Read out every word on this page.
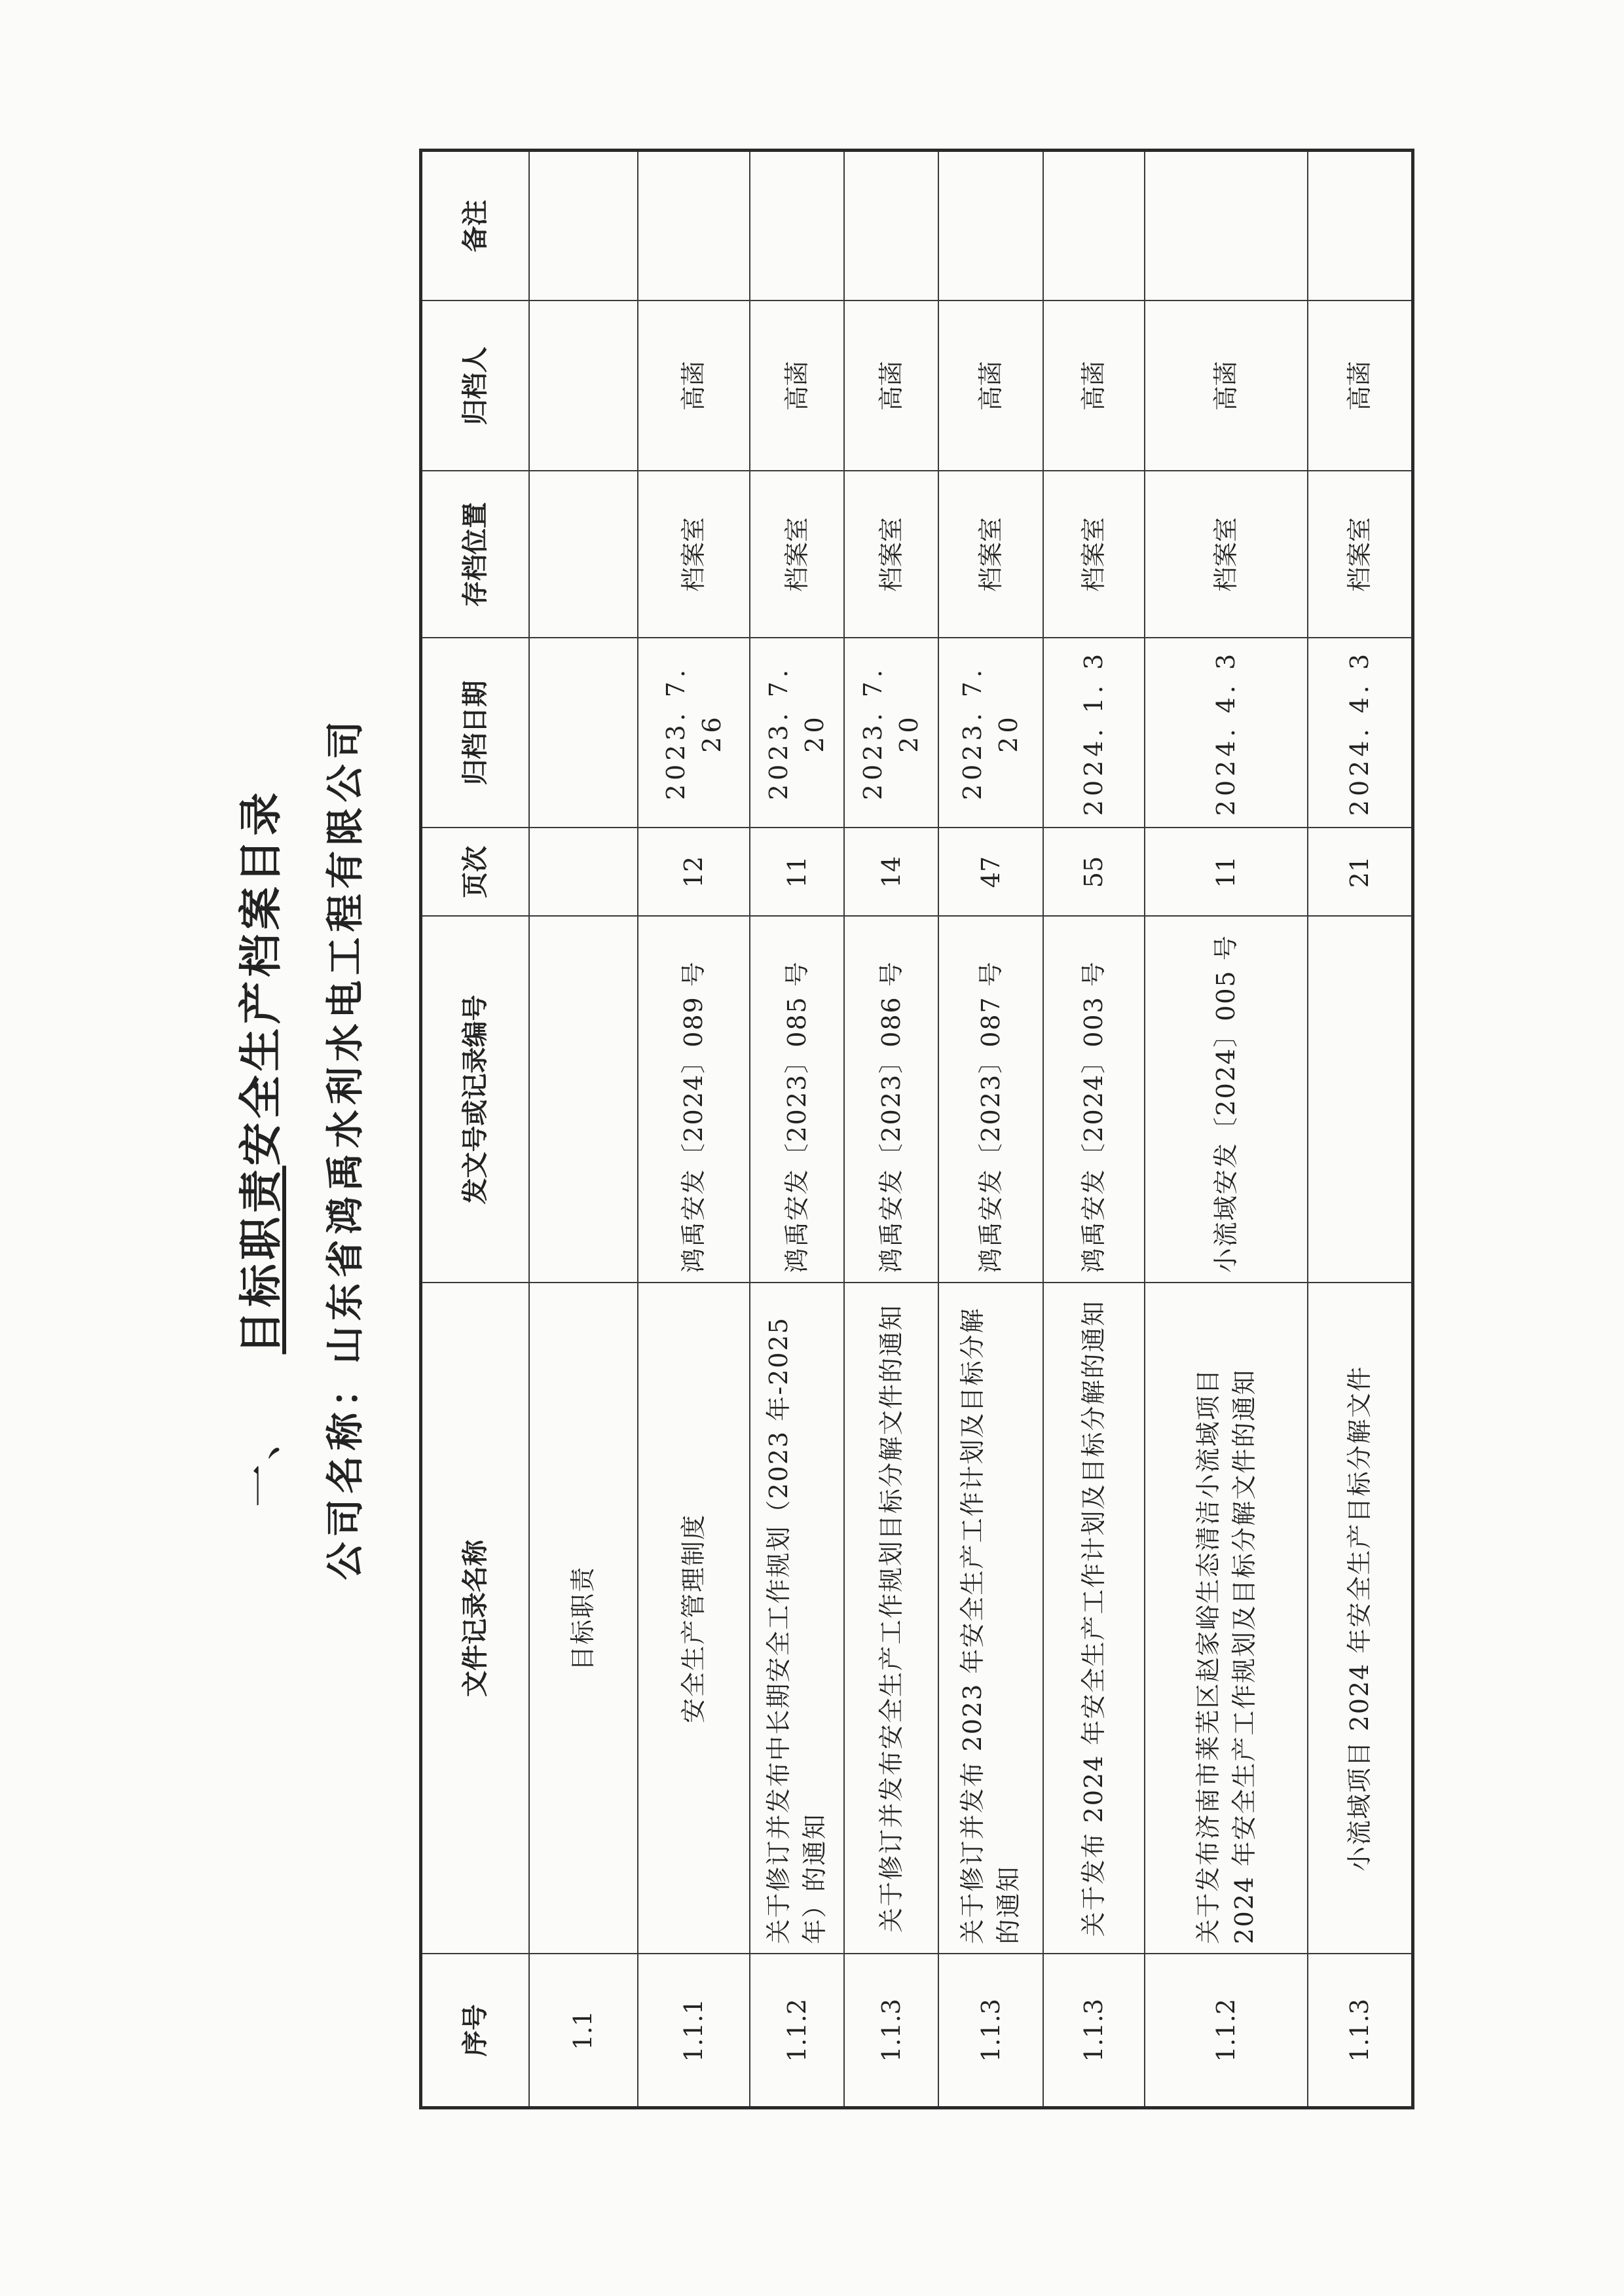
一、目标职责安全生产档案目录
公司名称：山东省鸿禹水利水电工程有限公司
序号	文件记录名称	发文号或记录编号	页次	归档日期	存档位置	归档人	备注
1.1	目标职责						
1.1.1	安全生产管理制度	鸿禹安发〔2024〕089 号	12	2023. 7. 26	档案室	高菡	
1.1.2	关于修订并发布中长期安全工作规划（2023 年-2025 年）的通知	鸿禹安发〔2023〕085 号	11	2023. 7. 20	档案室	高菡	
1.1.3	关于修订并发布安全生产工作规划目标分解文件的通知	鸿禹安发〔2023〕086 号	14	2023. 7. 20	档案室	高菡	
1.1.3	关于修订并发布 2023 年安全生产工作计划及目标分解的通知	鸿禹安发〔2023〕087 号	47	2023. 7. 20	档案室	高菡	
1.1.3	关于发布 2024 年安全生产工作计划及目标分解的通知	鸿禹安发〔2024〕003 号	55	2024. 1. 3	档案室	高菡	
1.1.2	关于发布济南市莱芜区赵家峪生态清洁小流域项目 2024 年安全生产工作规划及目标分解文件的通知	小流域安发〔2024〕005 号	11	2024. 4. 3	档案室	高菡	
1.1.3	小流域项目 2024 年安全生产目标分解文件		21	2024. 4. 3	档案室	高菡	
